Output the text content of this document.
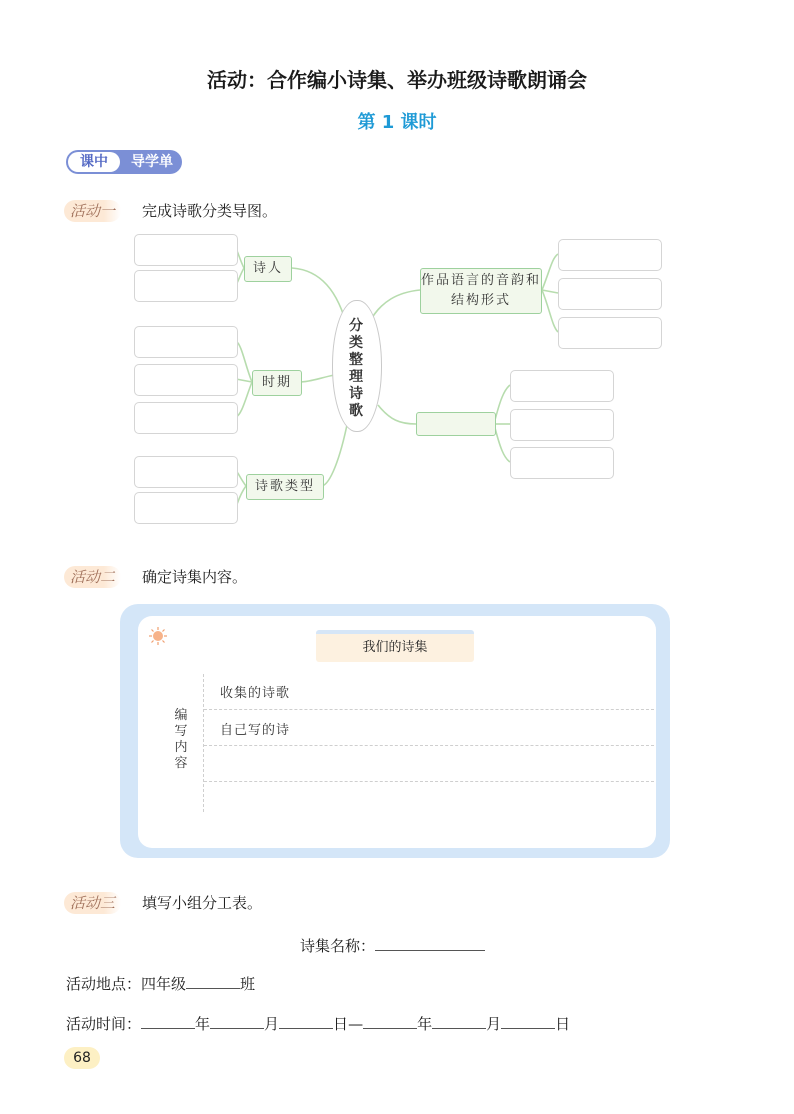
活动：合作编小诗集、举办班级诗歌朗诵会
第 1 课时
课中	导学单
活动一	完成诗歌分类导图。
分类整理诗歌
诗人
时期
诗歌类型
作品语言的音韵和结构形式
活动二	确定诗集内容。
我们的诗集
编写内容
收集的诗歌
自己写的诗
活动三	填写小组分工表。
诗集名称：
活动地点：四年级	班
活动时间：	年	月	日—	年	月	日
68
